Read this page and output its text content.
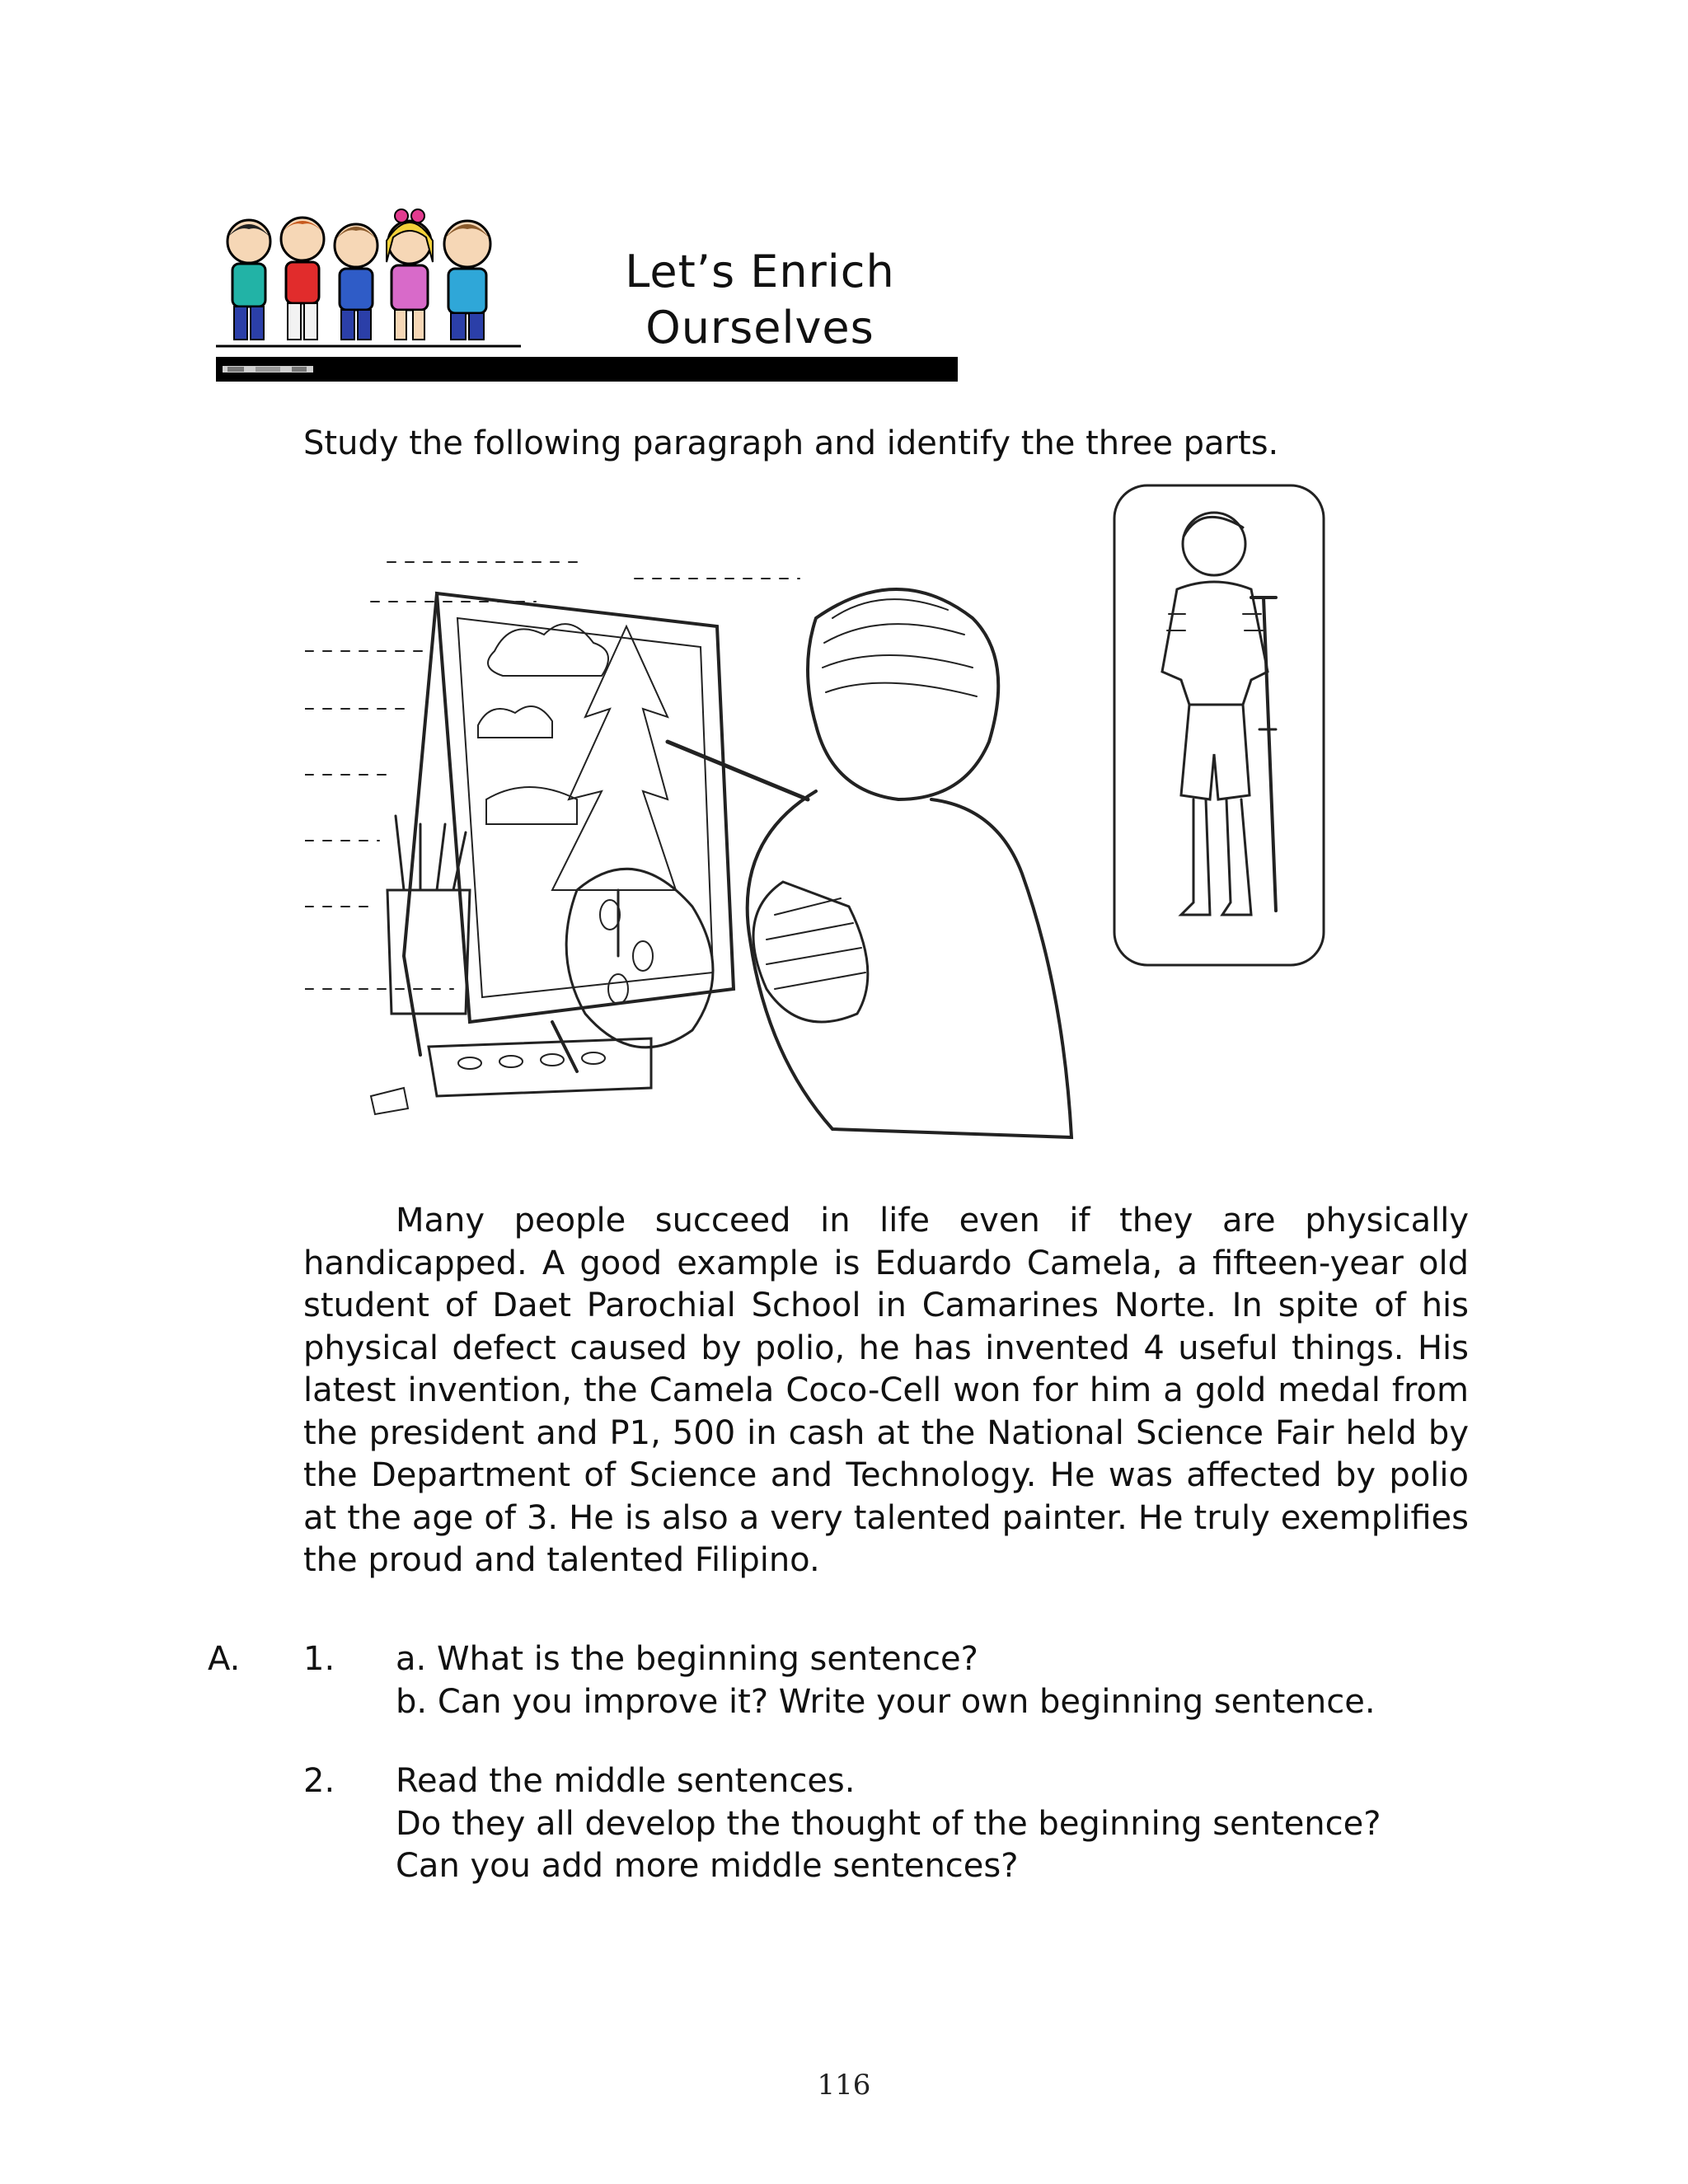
Let’s Enrich
Ourselves
Study the following paragraph and identify the three parts.

Many people succeed in life even if they are physically handicapped. A good example is Eduardo Camela, a fifteen-year old student of Daet Parochial School in Camarines Norte. In spite of his physical defect caused by polio, he has invented 4 useful things. His latest invention, the Camela Coco-Cell won for him a gold medal from the president and P1, 500 in cash at the National Science Fair held by the Department of Science and Technology. He was affected by polio at the age of 3. He is also a very talented painter. He truly exemplifies the proud and talented Filipino.

A. 1. a. What is the beginning sentence?
b. Can you improve it? Write your own beginning sentence.
2. Read the middle sentences.
Do they all develop the thought of the beginning sentence?
Can you add more middle sentences?
116
